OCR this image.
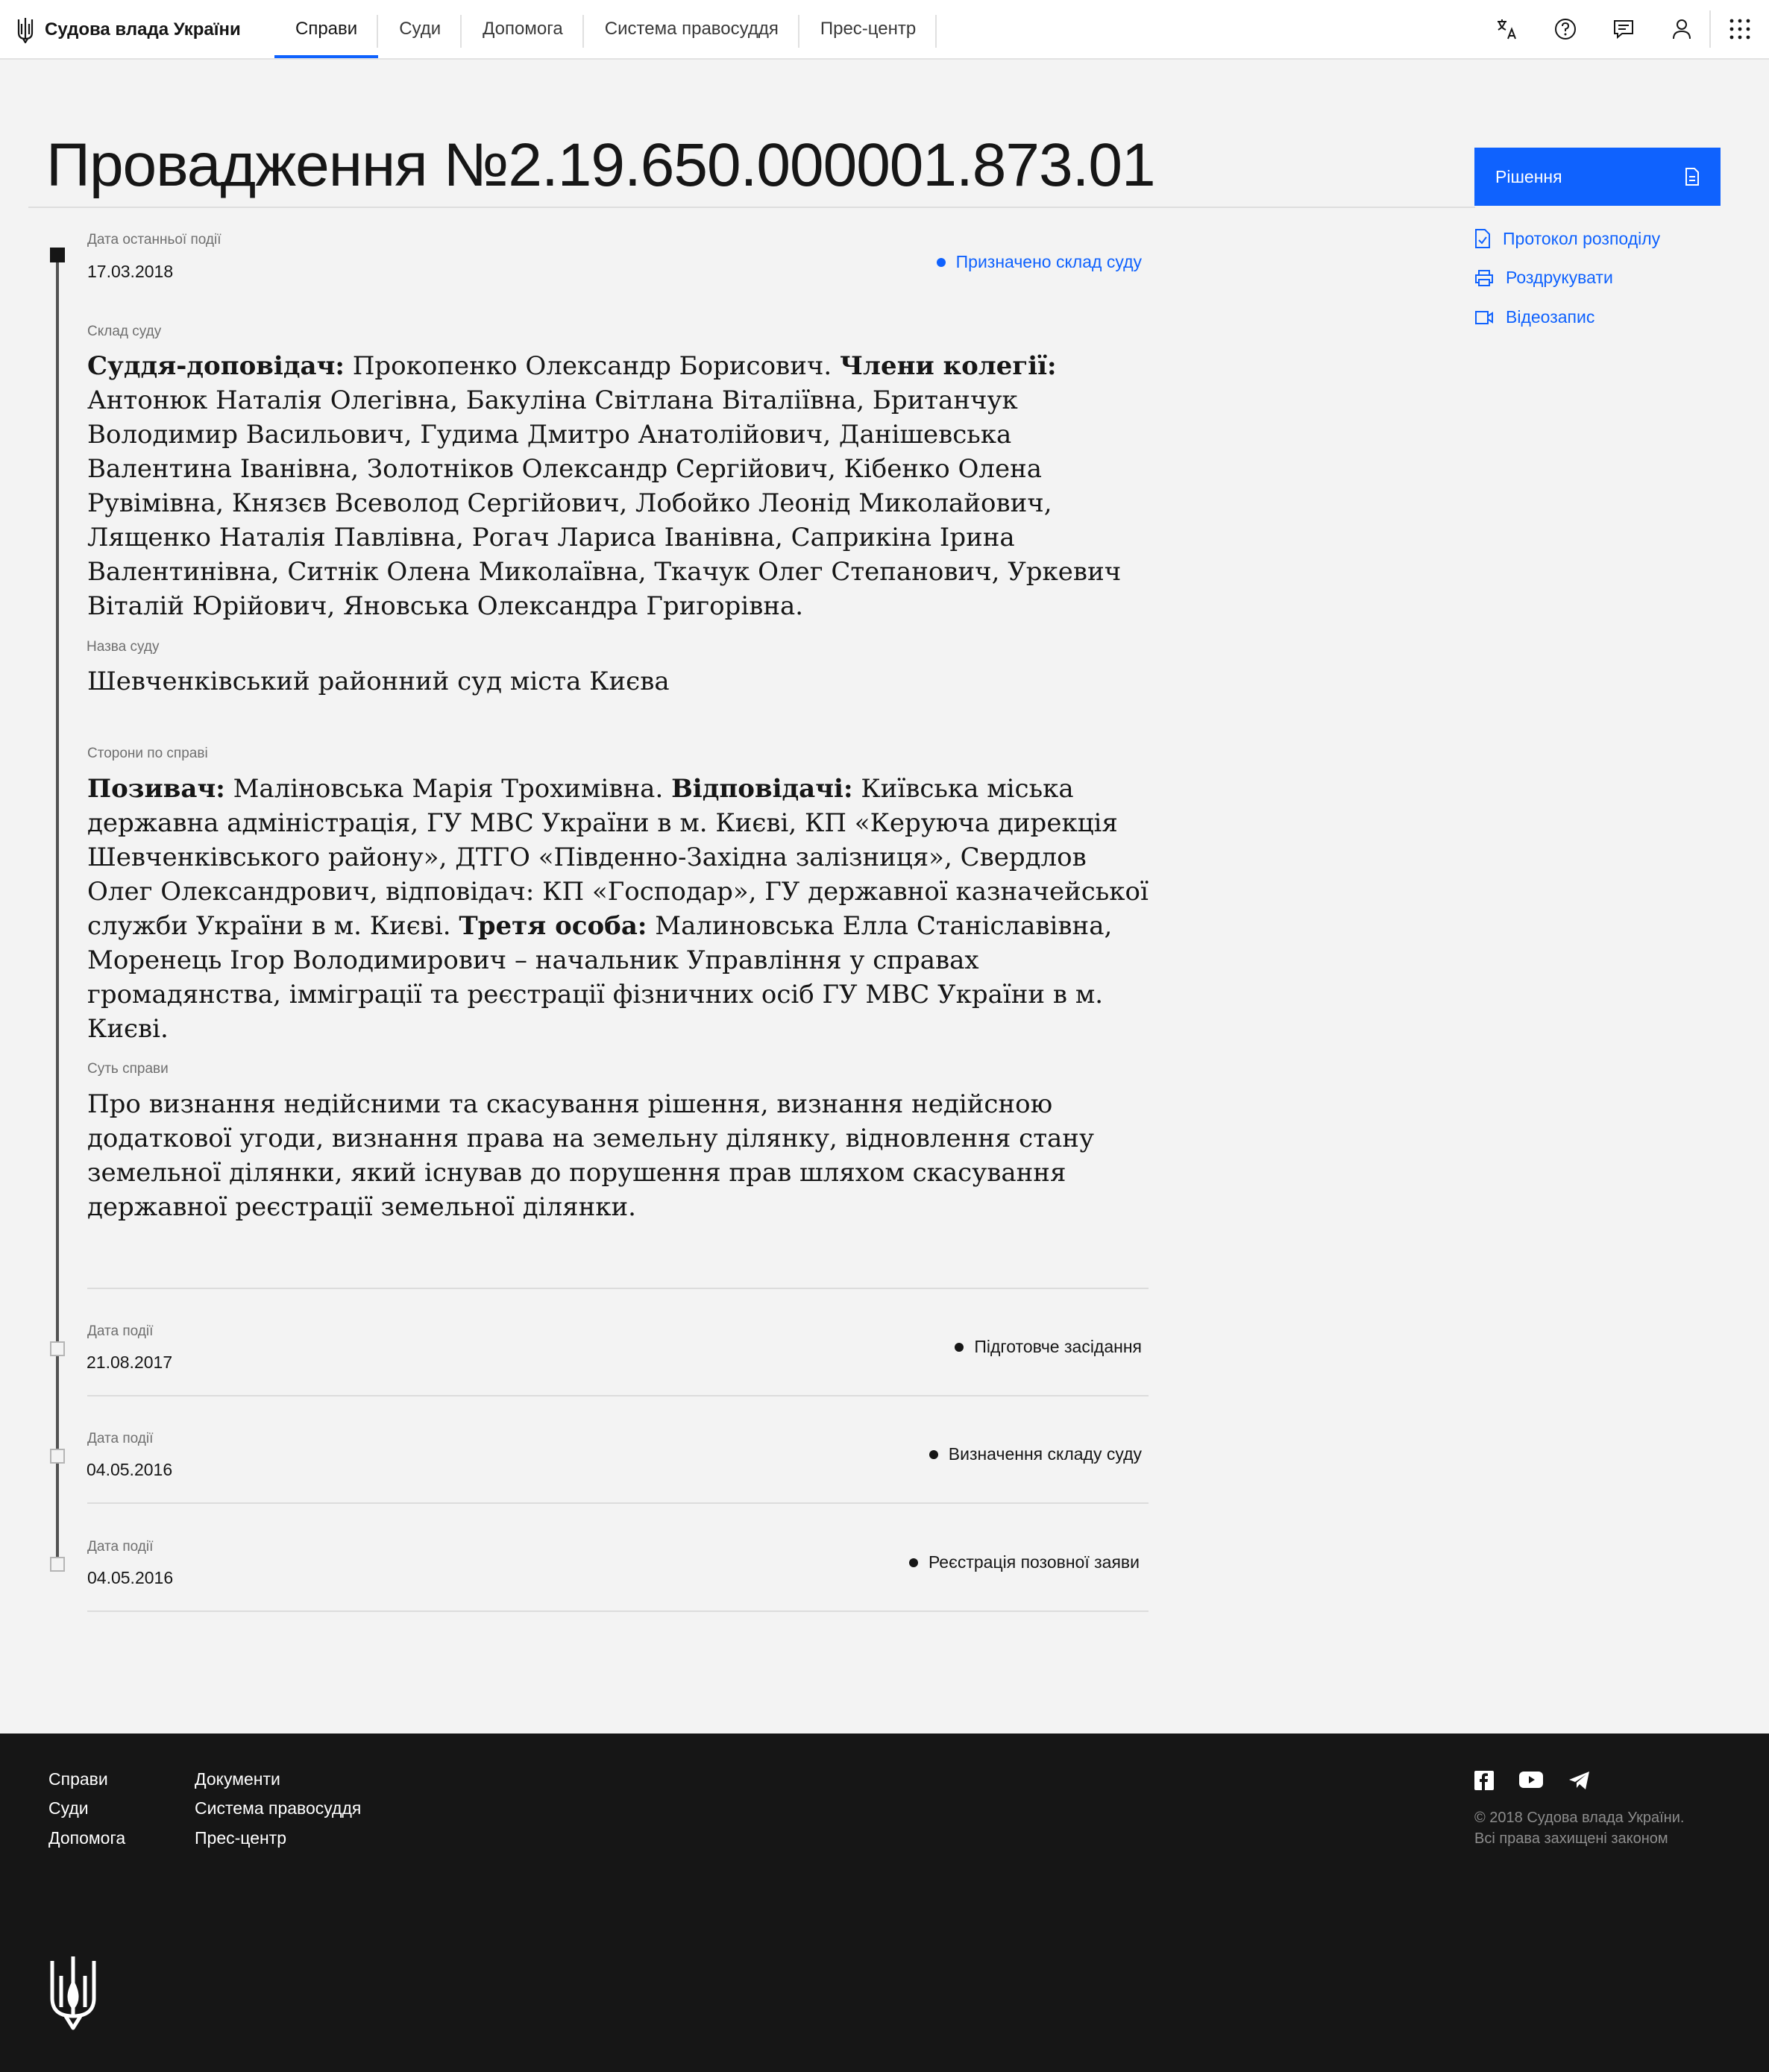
Судова влада України	Справи	Суди	Допомога	Система правосуддя	Прес-центр
Провадження №2.19.650.000001.873.01	Рішення
Протокол розподілу
Роздрукувати
Відеозапис
Дата останньої події
17.03.2018	Призначено склад суду
Склад суду
Суддя-доповідач: Прокопенко Олександр Борисович. Члени колегії: Антонюк Наталія Олегівна, Бакуліна Світлана Віталіївна, Британчук Володимир Васильович, Гудима Дмитро Анатолійович, Данішевська Валентина Іванівна, Золотніков Олександр Сергійович, Кібенко Олена Рувімівна, Князєв Всеволод Сергійович, Лобойко Леонід Миколайович, Лященко Наталія Павлівна, Рогач Лариса Іванівна, Саприкіна Ірина Валентинівна, Ситнік Олена Миколаївна, Ткачук Олег Степанович, Уркевич Віталій Юрійович, Яновська Олександра Григорівна.
Назва суду
Шевченківський районний суд міста Києва
Сторони по справі
Позивач: Маліновська Марія Трохимівна. Відповідачі: Київська міська державна адміністрація, ГУ МВС України в м. Києві, КП «Керуюча дирекція Шевченківського району», ДТГО «Південно-Західна залізниця», Свердлов Олег Олександрович, відповідач: КП «Господар», ГУ державної казначейської служби України в м. Києві. Третя особа: Малиновська Елла Станіславівна, Моренець Ігор Володимирович – начальник Управління у справах громадянства, імміграції та реєстрації фізничних осіб ГУ МВС України в м. Києві.
Суть справи
Про визнання недійсними та скасування рішення, визнання недійсною додаткової угоди, визнання права на земельну ділянку, відновлення стану земельної ділянки, який існував до порушення прав шляхом скасування державної реєстрації земельної ділянки.
Дата події
21.08.2017
Підготовче засідання
Дата події
04.05.2016
Визначення складу суду
Дата події
04.05.2016
Реєстрація позовної заяви
Справи
Суди
Допомога
Документи
Система правосуддя
Прес-центр
© 2018 Судова влада України.
Всі права захищені законом
